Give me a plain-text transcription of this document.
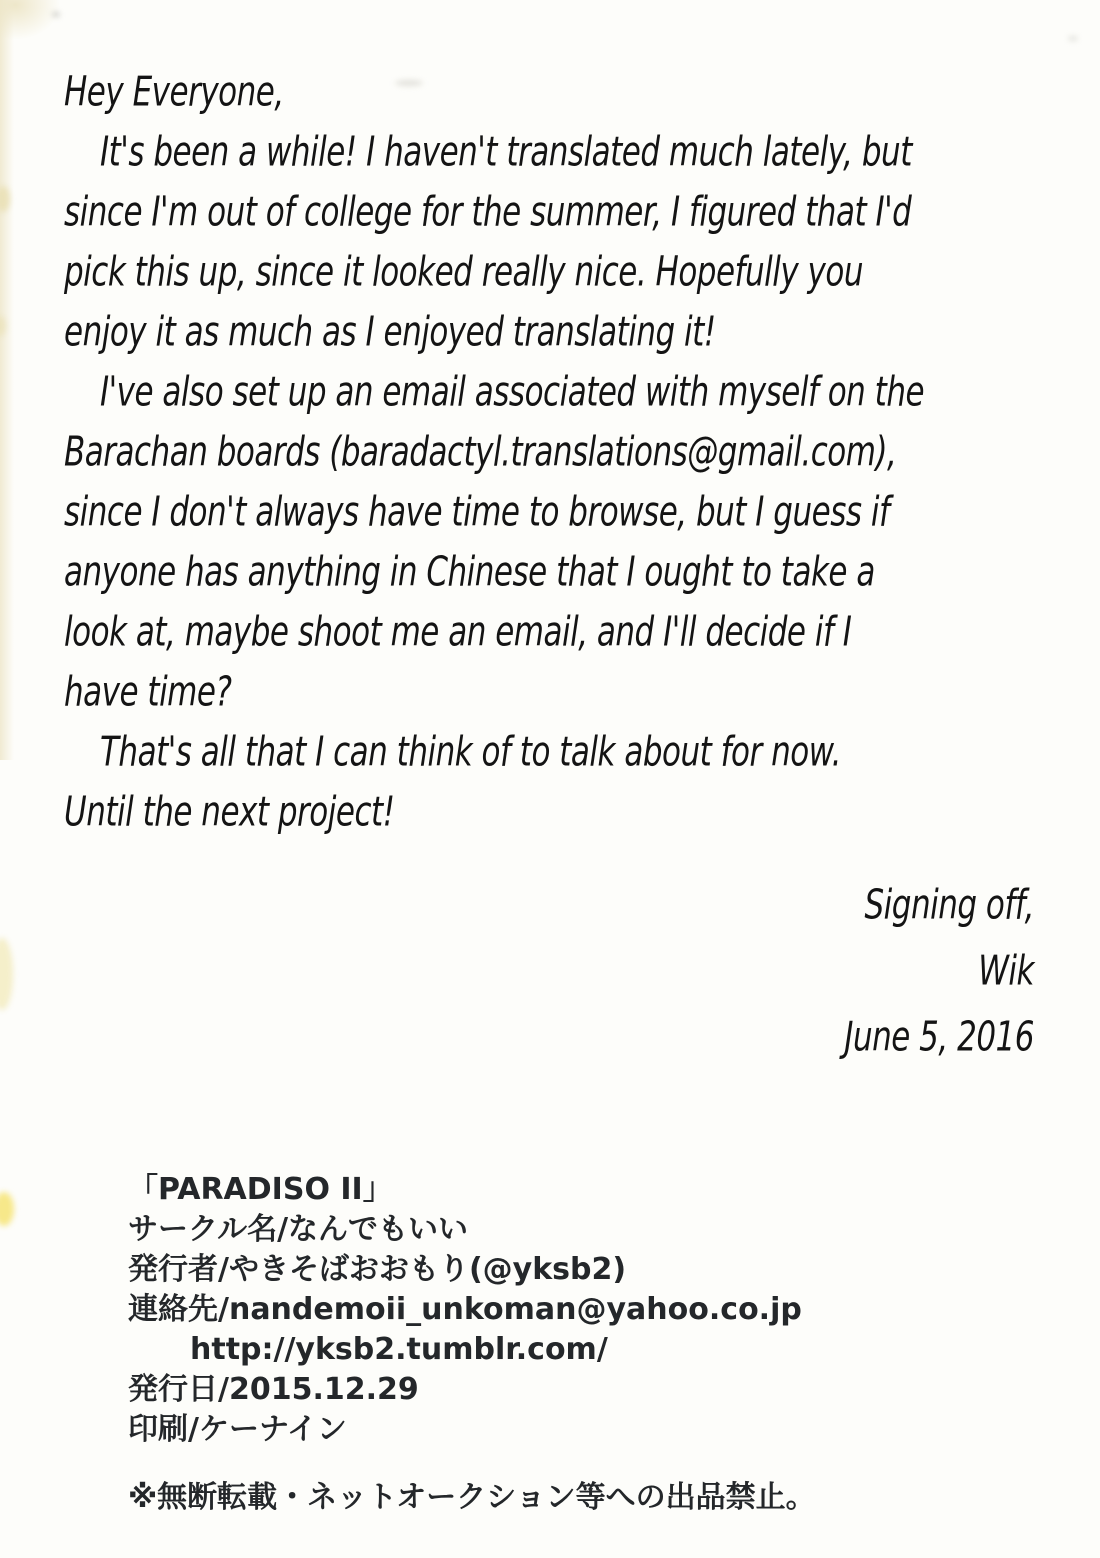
Hey Everyone,
It's been a while! I haven't translated much lately, but
since I'm out of college for the summer, I figured that I'd
pick this up, since it looked really nice. Hopefully you
enjoy it as much as I enjoyed translating it!
I've also set up an email associated with myself on the
Barachan boards (baradactyl.translations@gmail.com),
since I don't always have time to browse, but I guess if
anyone has anything in Chinese that I ought to take a
look at, maybe shoot me an email, and I'll decide if I
have time?
That's all that I can think of to talk about for now.
Until the next project!
Signing off,
Wik
June 5, 2016
「PARADISO II」
サークル名/なんでもいい
発行者/やきそばおおもり(@yksb2)
連絡先/nandemoii_unkoman@yahoo.co.jp
http://yksb2.tumblr.com/
発行日/2015.12.29
印刷/ケーナイン
※無断転載・ネットオークション等への出品禁止。
